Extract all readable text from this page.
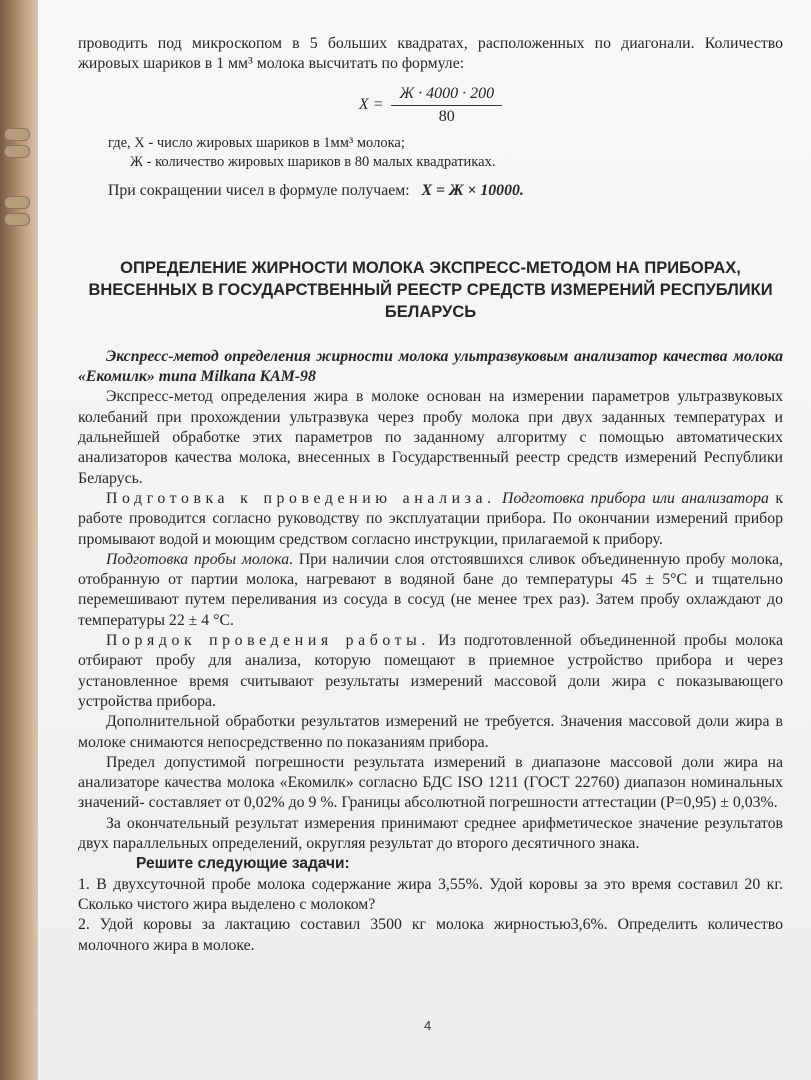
проводить под микроскопом в 5 больших квадратах, расположенных по диагонали. Количество жировых шариков в 1 мм³ молока высчитать по формуле:

$X = \frac{Ж \cdot 4000 \cdot 200}{80}$

где, X - число жировых шариков в 1мм³ молока;

Ж - количество жировых шариков в 80 малых квадратиках.

При сокращении чисел в формуле получаем: X = Ж × 10000.

ОПРЕДЕЛЕНИЕ ЖИРНОСТИ МОЛОКА ЭКСПРЕСС-МЕТОДОМ НА ПРИБОРАХ, ВНЕСЕННЫХ В ГОСУДАРСТВЕННЫЙ РЕЕСТР СРЕДСТВ ИЗМЕРЕНИЙ РЕСПУБЛИКИ БЕЛАРУСЬ

Экспресс-метод определения жирности молока ультразвуковым анализатор качества молока «Екомилк» типа Milkana KAM-98

Экспресс-метод определения жира в молоке основан на измерении параметров ультразвуковых колебаний при прохождении ультразвука через пробу молока при двух заданных температурах и дальнейшей обработке этих параметров по заданному алгоритму с помощью автоматических анализаторов качества молока, внесенных в Государственный реестр средств измерений Республики Беларусь.

Подготовка к проведению анализа. Подготовка прибора или анализатора к работе проводится согласно руководству по эксплуатации прибора. По окончании измерений прибор промывают водой и моющим средством согласно инструкции, прилагаемой к прибору.

Подготовка пробы молока. При наличии слоя отстоявшихся сливок объединенную пробу молока, отобранную от партии молока, нагревают в водяной бане до температуры 45 ± 5°C и тщательно перемешивают путем переливания из сосуда в сосуд (не менее трех раз). Затем пробу охлаждают до температуры 22 ± 4 °C.

Порядок проведения работы. Из подготовленной объединенной пробы молока отбирают пробу для анализа, которую помещают в приемное устройство прибора и через установленное время считывают результаты измерений массовой доли жира с показывающего устройства прибора.

Дополнительной обработки результатов измерений не требуется. Значения массовой доли жира в молоке снимаются непосредственно по показаниям прибора.

Предел допустимой погрешности результата измерений в диапазоне массовой доли жира на анализаторе качества молока «Екомилк» согласно БДС ISO 1211 (ГОСТ 22760) диапазон номинальных значений- составляет от 0,02% до 9 %. Границы абсолютной погрешности аттестации (P=0,95) ± 0,03%.

За окончательный результат измерения принимают среднее арифметическое значение результатов двух параллельных определений, округляя результат до второго десятичного знака.

Решите следующие задачи:

1. В двухсуточной пробе молока содержание жира 3,55%. Удой коровы за это время составил 20 кг. Сколько чистого жира выделено с молоком?

2. Удой коровы за лактацию составил 3500 кг молока жирностью3,6%. Определить количество молочного жира в молоке.

4
